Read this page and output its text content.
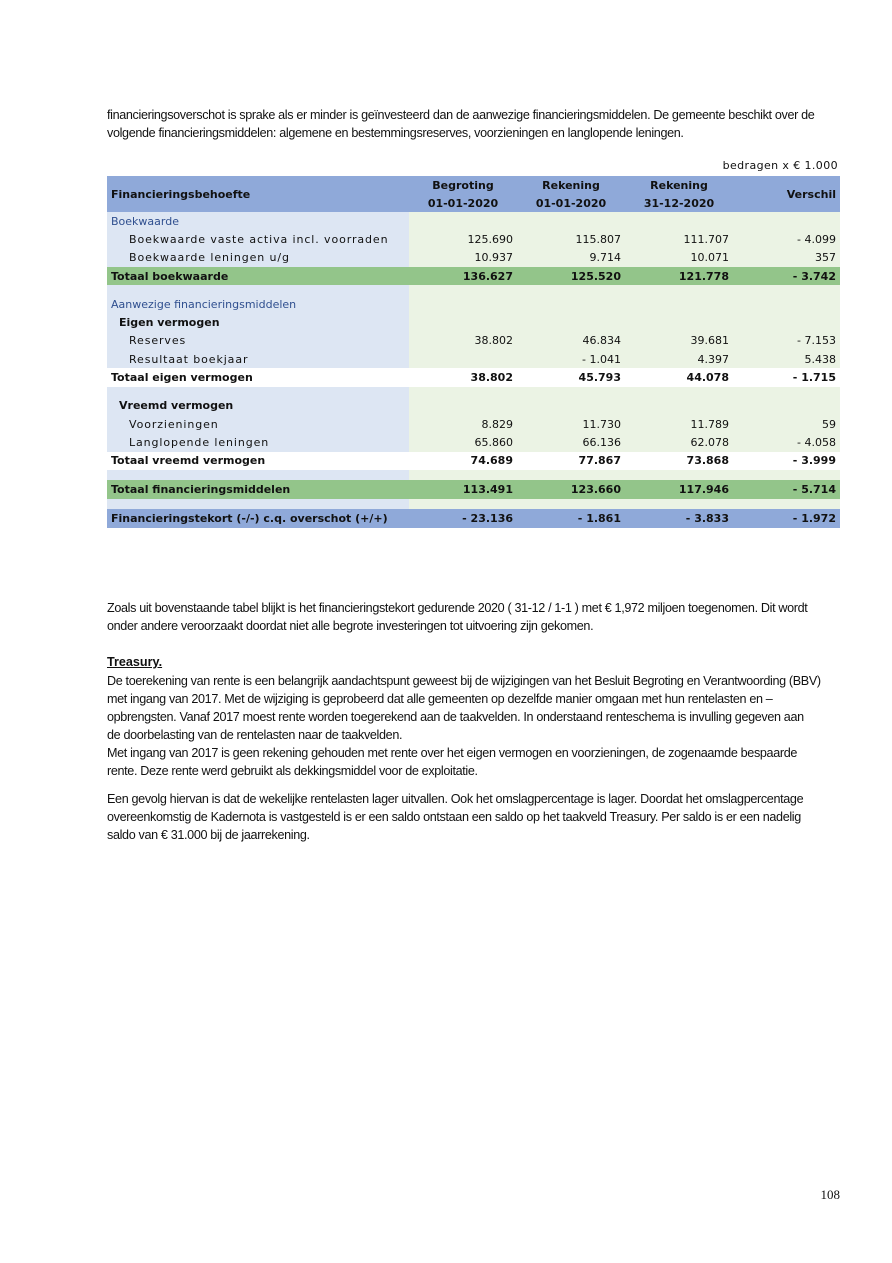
financieringsoverschot is sprake als er minder is geïnvesteerd dan de aanwezige financieringsmiddelen. De gemeente beschikt over de
volgende financieringsmiddelen: algemene en bestemmingsreserves, voorzieningen en langlopende leningen.
bedragen x € 1.000
Financieringsbehoefte	Begroting	Rekening	Rekening	Verschil
	01-01-2020	01-01-2020	31-12-2020	
Boekwaarde				
Boekwaarde vaste activa incl. voorraden	125.690	115.807	111.707	- 4.099
Boekwaarde leningen u/g	10.937	9.714	10.071	357
Totaal boekwaarde	136.627	125.520	121.778	- 3.742

Aanwezige financieringsmiddelen				
Eigen vermogen				
Reserves	38.802	46.834	39.681	- 7.153
Resultaat boekjaar		- 1.041	4.397	5.438
Totaal eigen vermogen	38.802	45.793	44.078	- 1.715

Vreemd vermogen				
Voorzieningen	8.829	11.730	11.789	59
Langlopende leningen	65.860	66.136	62.078	- 4.058
Totaal vreemd vermogen	74.689	77.867	73.868	- 3.999

Totaal financieringsmiddelen	113.491	123.660	117.946	- 5.714

Financieringstekort (-/-) c.q. overschot (+/+)	- 23.136	- 1.861	- 3.833	- 1.972
Zoals uit bovenstaande tabel blijkt is het financieringstekort gedurende 2020 ( 31-12 / 1-1 ) met € 1,972 miljoen toegenomen. Dit wordt
onder andere veroorzaakt doordat niet alle begrote investeringen tot uitvoering zijn gekomen.
Treasury.
De toerekening van rente is een belangrijk aandachtspunt geweest bij de wijzigingen van het Besluit Begroting en Verantwoording (BBV)
met ingang van 2017. Met de wijziging is geprobeerd dat alle gemeenten op dezelfde manier omgaan met hun rentelasten en –
opbrengsten. Vanaf 2017 moest rente worden toegerekend aan de taakvelden. In onderstaand renteschema is invulling gegeven aan
de doorbelasting van de rentelasten naar de taakvelden.
Met ingang van 2017 is geen rekening gehouden met rente over het eigen vermogen en voorzieningen, de zogenaamde bespaarde
rente. Deze rente werd gebruikt als dekkingsmiddel voor de exploitatie.
Een gevolg hiervan is dat de wekelijke rentelasten lager uitvallen. Ook het omslagpercentage is lager. Doordat het omslagpercentage
overeenkomstig de Kadernota is vastgesteld is er een saldo ontstaan een saldo op het taakveld Treasury. Per saldo is er een nadelig
saldo van € 31.000 bij de jaarrekening.
108
